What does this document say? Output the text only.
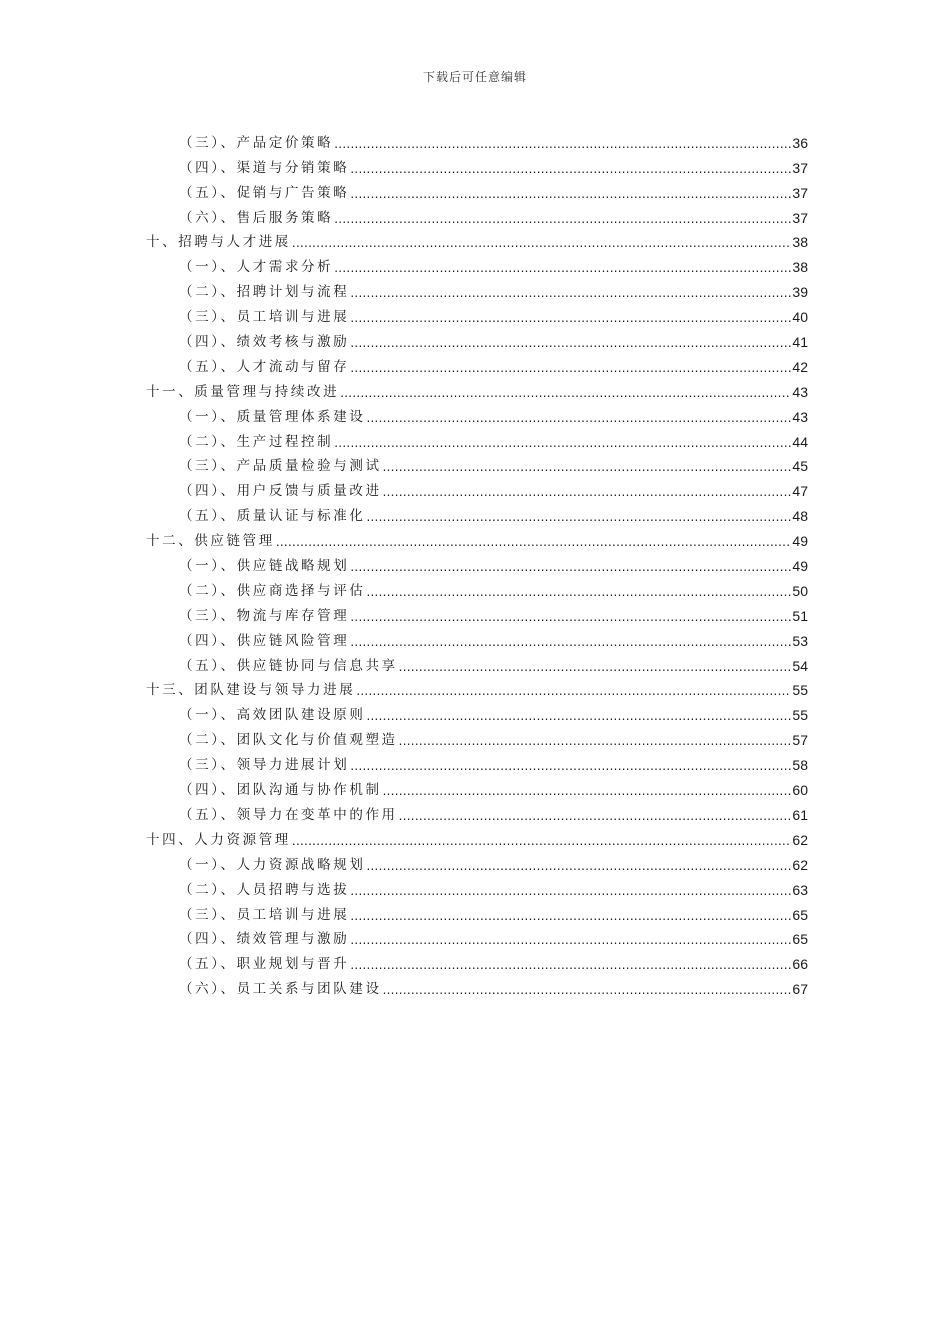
下载后可任意编辑
（三）、产品定价策略 .....	36
（四）、渠道与分销策略 .....	37
（五）、促销与广告策略 .....	37
（六）、售后服务策略 .....	37
十、招聘与人才进展 .....	38
（一）、人才需求分析 .....	38
（二）、招聘计划与流程 .....	39
（三）、员工培训与进展 .....	40
（四）、绩效考核与激励 .....	41
（五）、人才流动与留存 .....	42
十一、质量管理与持续改进 .....	43
（一）、质量管理体系建设 .....	43
（二）、生产过程控制 .....	44
（三）、产品质量检验与测试 .....	45
（四）、用户反馈与质量改进 .....	47
（五）、质量认证与标准化 .....	48
十二、供应链管理 .....	49
（一）、供应链战略规划 .....	49
（二）、供应商选择与评估 .....	50
（三）、物流与库存管理 .....	51
（四）、供应链风险管理 .....	53
（五）、供应链协同与信息共享 .....	54
十三、团队建设与领导力进展 .....	55
（一）、高效团队建设原则 .....	55
（二）、团队文化与价值观塑造 .....	57
（三）、领导力进展计划 .....	58
（四）、团队沟通与协作机制 .....	60
（五）、领导力在变革中的作用 .....	61
十四、人力资源管理 .....	62
（一）、人力资源战略规划 .....	62
（二）、人员招聘与选拔 .....	63
（三）、员工培训与进展 .....	65
（四）、绩效管理与激励 .....	65
（五）、职业规划与晋升 .....	66
（六）、员工关系与团队建设 .....	67
